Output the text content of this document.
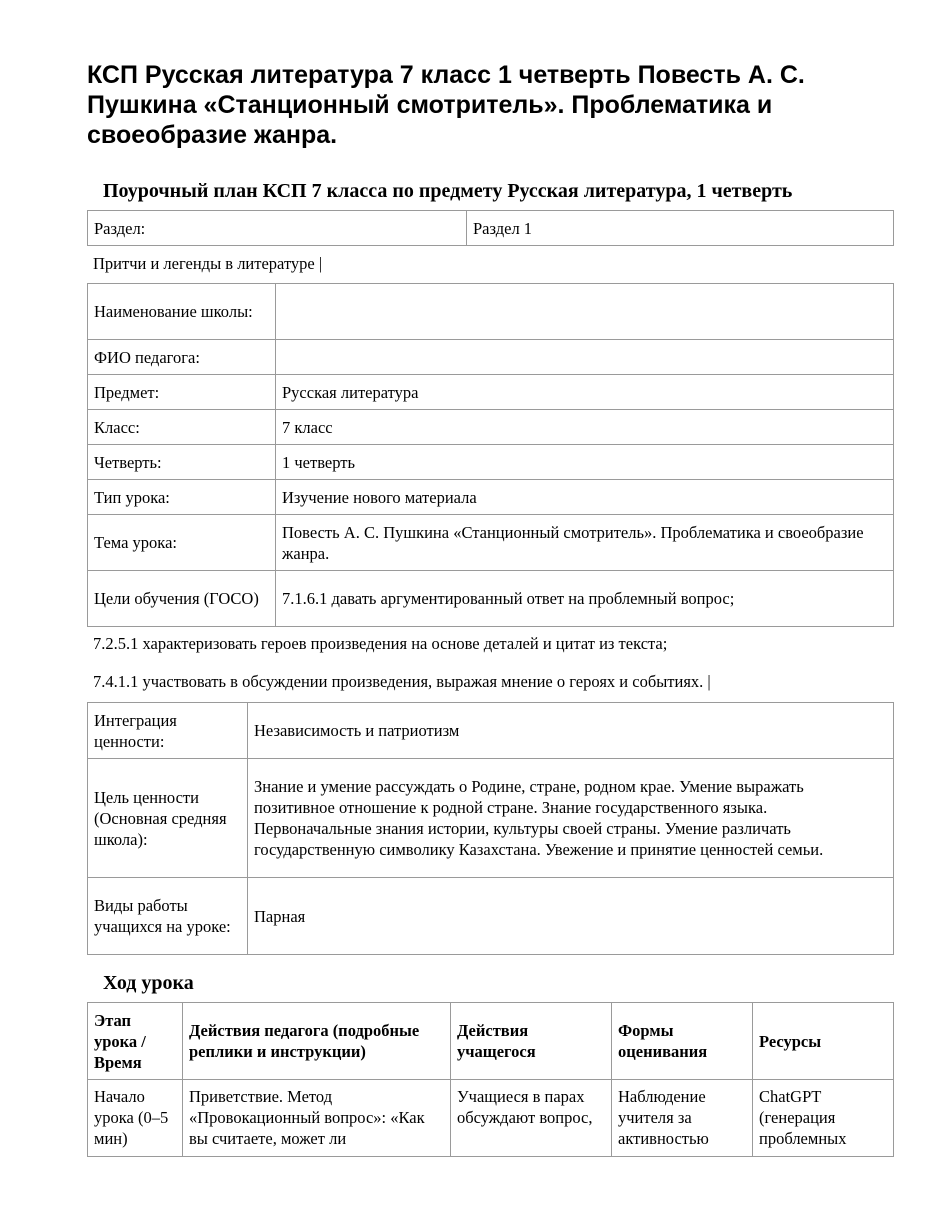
КСП Русская литература 7 класс 1 четверть Повесть А. С. Пушкина «Станционный смотритель». Проблематика и своеобразие жанра.
Поурочный план КСП 7 класса по предмету Русская литература, 1 четверть
Раздел:	Раздел 1
Притчи и легенды в литературе |
Наименование школы:	
ФИО педагога:	
Предмет:	Русская литература
Класс:	7 класс
Четверть:	1 четверть
Тип урока:	Изучение нового материала
Тема урока:	Повесть А. С. Пушкина «Станционный смотритель». Проблематика и своеобразие жанра.
Цели обучения (ГОСО)	7.1.6.1 давать аргументированный ответ на проблемный вопрос;
7.2.5.1 характеризовать героев произведения на основе деталей и цитат из текста;
7.4.1.1 участвовать в обсуждении произведения, выражая мнение о героях и событиях. |
Интеграция ценности:	Независимость и патриотизм
Цель ценности (Основная средняя школа):	Знание и умение рассуждать о Родине, стране, родном крае. Умение выражать позитивное отношение к родной стране. Знание государственного языка. Первоначальные знания истории, культуры своей страны. Умение различать государственную символику Казахстана. Увежение и принятие ценностей семьи.
Виды работы учащихся на уроке:	Парная
Ход урока
Этап урока / Время	Действия педагога (подробные реплики и инструкции)	Действия учащегося	Формы оценивания	Ресурсы
Начало урока (0–5 мин)	Приветствие. Метод «Провокационный вопрос»: «Как вы считаете, может ли	Учащиеся в парах обсуждают вопрос,	Наблюдение учителя за активностью	ChatGPT (генерация проблемных
